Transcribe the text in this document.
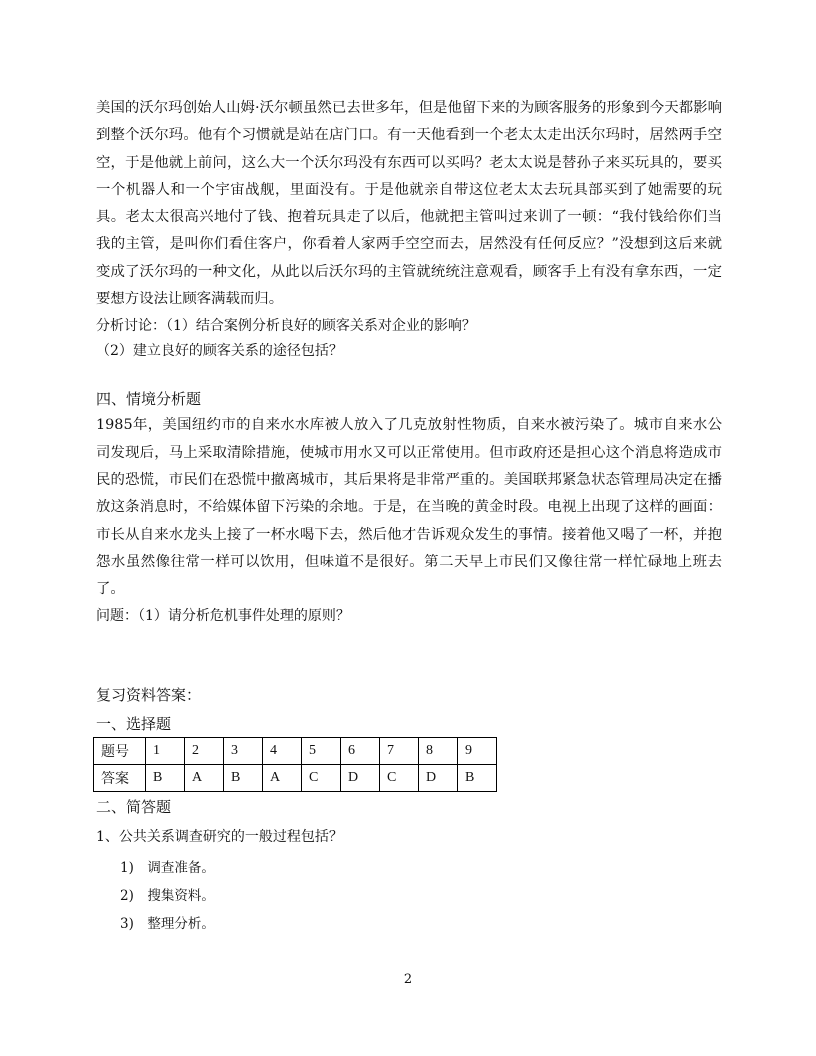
美国的沃尔玛创始人山姆·沃尔顿虽然已去世多年，但是他留下来的为顾客服务的形象到今天都影响到整个沃尔玛。他有个习惯就是站在店门口。有一天他看到一个老太太走出沃尔玛时，居然两手空空，于是他就上前问，这么大一个沃尔玛没有东西可以买吗？老太太说是替孙子来买玩具的，要买一个机器人和一个宇宙战舰，里面没有。于是他就亲自带这位老太太去玩具部买到了她需要的玩具。老太太很高兴地付了钱、抱着玩具走了以后，他就把主管叫过来训了一顿：“我付钱给你们当我的主管，是叫你们看住客户，你看着人家两手空空而去，居然没有任何反应？”没想到这后来就变成了沃尔玛的一种文化，从此以后沃尔玛的主管就统统注意观看，顾客手上有没有拿东西，一定要想方设法让顾客满载而归。

分析讨论：（1）结合案例分析良好的顾客关系对企业的影响？

（2）建立良好的顾客关系的途径包括？

四、情境分析题

1985年，美国纽约市的自来水水库被人放入了几克放射性物质，自来水被污染了。城市自来水公司发现后，马上采取清除措施，使城市用水又可以正常使用。但市政府还是担心这个消息将造成市民的恐慌，市民们在恐慌中撤离城市，其后果将是非常严重的。美国联邦紧急状态管理局决定在播放这条消息时，不给媒体留下污染的余地。于是，在当晚的黄金时段。电视上出现了这样的画面：市长从自来水龙头上接了一杯水喝下去，然后他才告诉观众发生的事情。接着他又喝了一杯，并抱怨水虽然像往常一样可以饮用，但味道不是很好。第二天早上市民们又像往常一样忙碌地上班去了。

问题：（1）请分析危机事件处理的原则？

复习资料答案：

一、选择题

题号	1	2	3	4	5	6	7	8	9
答案	B	A	B	A	C	D	C	D	B

二、简答题

1、公共关系调查研究的一般过程包括？

1) 调查准备。

2) 搜集资料。

3) 整理分析。

2
